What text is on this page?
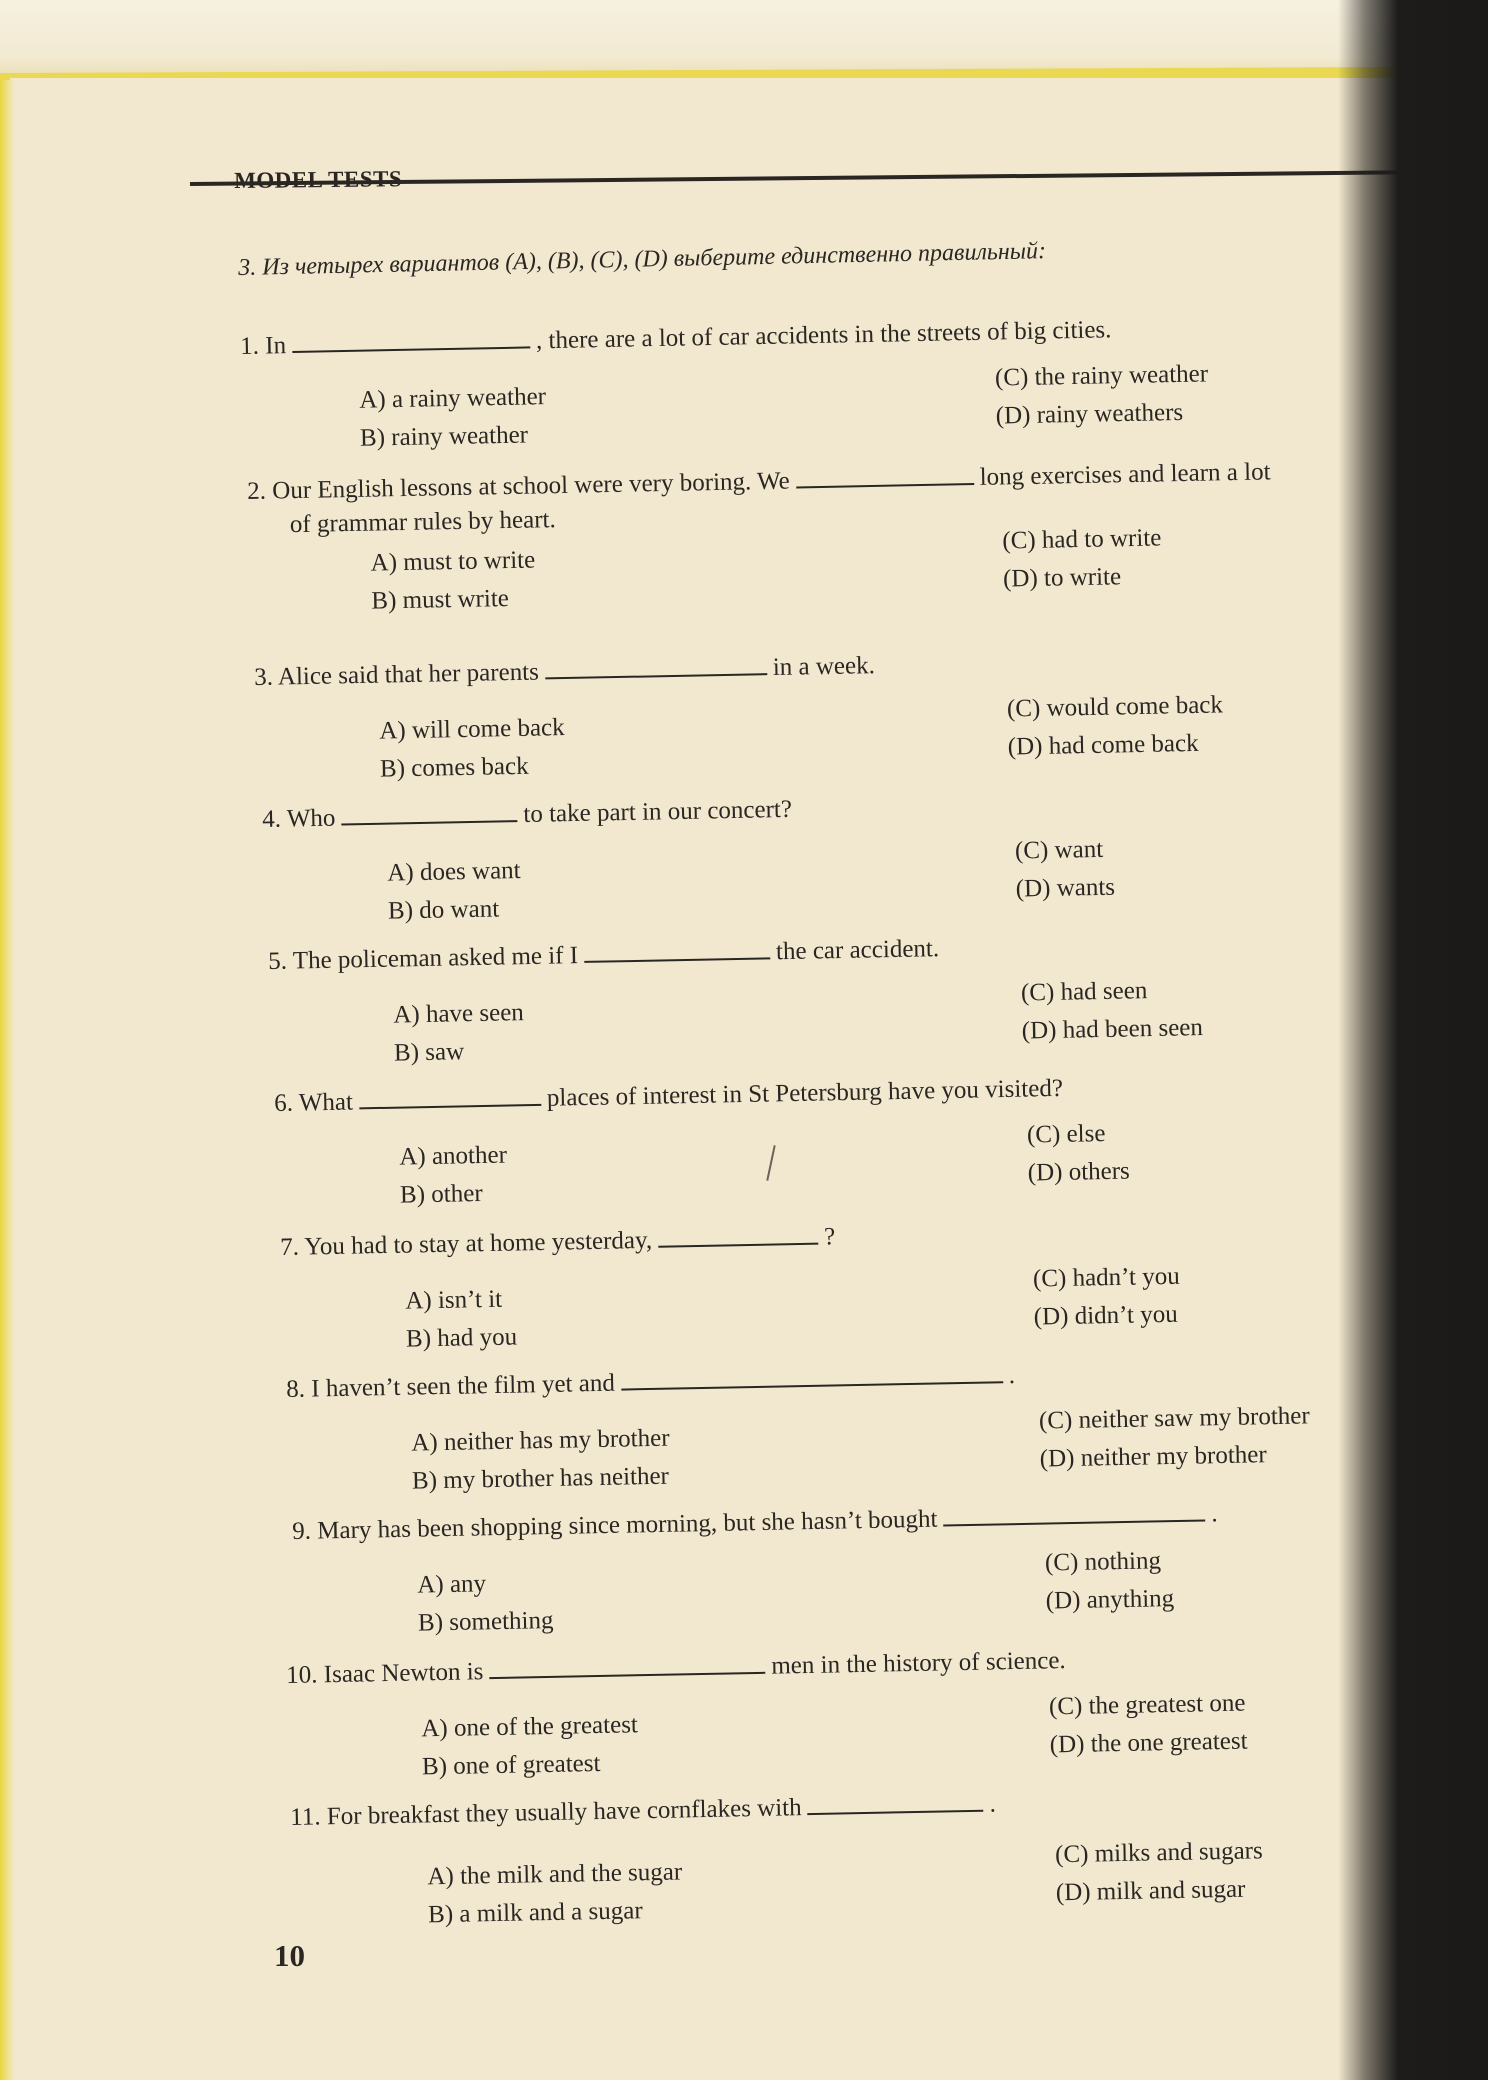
MODEL TESTS
3. Из четырех вариантов (A), (B), (C), (D) выберите единственно правильный:
1. In	, there are a lot of car accidents in the streets of big cities.
A) a rainy weather
B) rainy weather
(C) the rainy weather
(D) rainy weathers
2. Our English lessons at school were very boring. We	long exercises and learn a lot
of grammar rules by heart.
A) must to write
B) must write
(C) had to write
(D) to write
3. Alice said that her parents	in a week.
A) will come back
B) comes back
(C) would come back
(D) had come back
4. Who	to take part in our concert?
A) does want
B) do want
(C) want
(D) wants
5. The policeman asked me if I	the car accident.
A) have seen
B) saw
(C) had seen
(D) had been seen
6. What	places of interest in St Petersburg have you visited?
A) another
B) other
(C) else
(D) others
7. You had to stay at home yesterday,	?
A) isn’t it
B) had you
(C) hadn’t you
(D) didn’t you
8. I haven’t seen the film yet and	.
A) neither has my brother
B) my brother has neither
(C) neither saw my brother
(D) neither my brother
9. Mary has been shopping since morning, but she hasn’t bought	.
A) any
B) something
(C) nothing
(D) anything
10. Isaac Newton is	men in the history of science.
A) one of the greatest
B) one of greatest
(C) the greatest one
(D) the one greatest
11. For breakfast they usually have cornflakes with	.
A) the milk and the sugar
B) a milk and a sugar
(C) milks and sugars
(D) milk and sugar
10
